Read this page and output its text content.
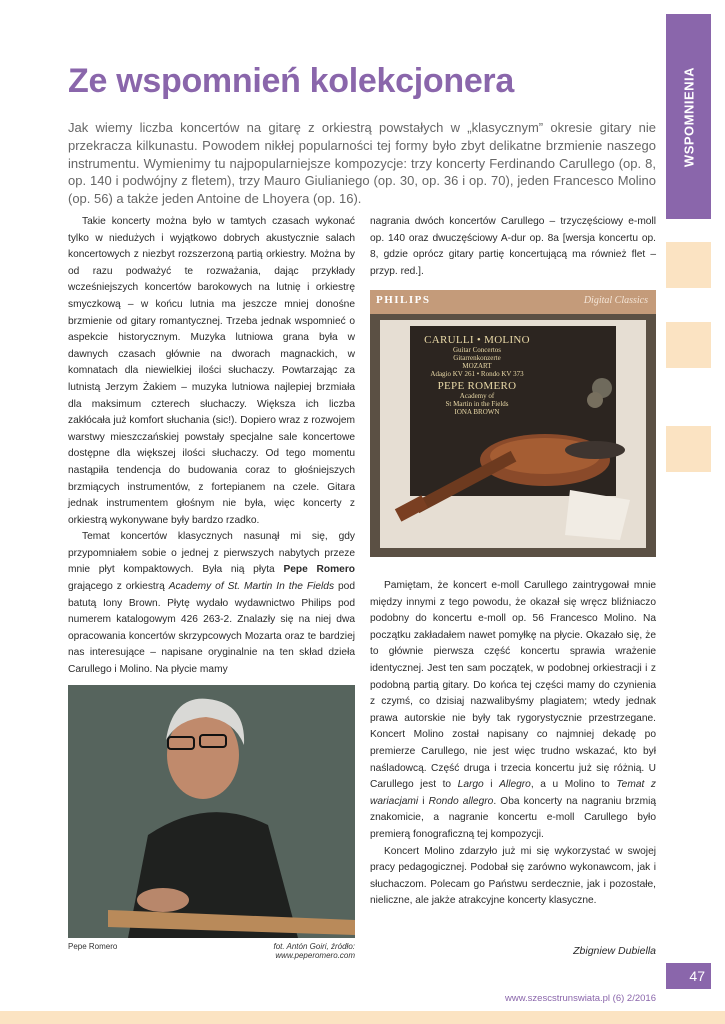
WSPOMNIENIA
Ze wspomnień kolekcjonera
Jak wiemy liczba koncertów na gitarę z orkiestrą powstałych w „klasycznym” okresie gitary nie przekracza kilkunastu. Powodem nikłej popularności tej formy było zbyt delikatne brzmienie naszego instrumentu. Wymienimy tu najpopularniejsze kompozycje: trzy koncerty Ferdinando Carullego (op. 8, op. 140 i podwójny z fletem), trzy Mauro Giulianiego (op. 30, op. 36 i op. 70), jeden Francesco Molino (op. 56) a także jeden Antoine de Lhoyera (op. 16).

Takie koncerty można było w tamtych czasach wykonać tylko w niedużych i wyjątkowo dobrych akustycznie salach koncertowych z niezbyt rozszerzoną partią orkiestry. Można by od razu podważyć te rozważania, dając przykłady wcześniejszych koncertów barokowych na lutnię i orkiestrę smyczkową – w końcu lutnia ma jeszcze mniej donośne brzmienie od gitary romantycznej. Trzeba jednak wspomnieć o aspekcie historycznym. Muzyka lutniowa grana była w dawnych czasach głównie na dworach magnackich, w komnatach dla niewielkiej ilości słuchaczy. Powtarzając za lutnistą Jerzym Żakiem – muzyka lutniowa najlepiej brzmiała dla maksimum czterech słuchaczy. Większa ich liczba zakłócała już komfort słuchania (sic!). Dopiero wraz z rozwojem warstwy mieszczańskiej powstały specjalne sale koncertowe dostępne dla większej ilości słuchaczy. Od tego momentu nastąpiła tendencja do budowania coraz to głośniejszych brzmiących instrumentów, z fortepianem na czele. Gitara jednak instrumentem głośnym nie była, więc koncerty z orkiestrą wykonywane były bardzo rzadko.

Temat koncertów klasycznych nasunął mi się, gdy przypomniałem sobie o jednej z pierwszych nabytych przeze mnie płyt kompaktowych. Była nią płyta Pepe Romero grającego z orkiestrą Academy of St. Martin In the Fields pod batutą Iony Brown. Płytę wydało wydawnictwo Philips pod numerem katalogowym 426 263-2. Znalazły się na niej dwa opracowania koncertów skrzypcowych Mozarta oraz te bardziej nas interesujące – napisane oryginalnie na ten skład dzieła Carullego i Molino. Na płycie mamy

nagrania dwóch koncertów Carullego – trzyczęściowy e-moll op. 140 oraz dwuczęściowy A-dur op. 8a [wersja koncertu op. 8, gdzie oprócz gitary partię koncertującą ma również flet – przyp. red.].

PHILIPS	Digital Classics
CARULLI • MOLINO
Guitar Concertos
Gitarrenkonzerte
MOZART
Adagio KV 261 • Rondo KV 373
PEPE ROMERO
Academy of
St Martin in the Fields
IONA BROWN

Pamiętam, że koncert e-moll Carullego zaintrygował mnie między innymi z tego powodu, że okazał się wręcz bliźniaczo podobny do koncertu e-moll op. 56 Francesco Molino. Na początku zakładałem nawet pomyłkę na płycie. Okazało się, że to głównie pierwsza część koncertu sprawia wrażenie identycznej. Jest ten sam początek, w podobnej orkiestracji i z podobną partią gitary. Do końca tej części mamy do czynienia z czymś, co dzisiaj nazwalibyśmy plagiatem; wtedy jednak prawa autorskie nie były tak rygorystycznie przestrzegane. Koncert Molino został napisany co najmniej dekadę po premierze Carullego, nie jest więc trudno wskazać, kto był naśladowcą. Część druga i trzecia koncertu już się różnią. U Carullego jest to Largo i Allegro, a u Molino to Temat z wariacjami i Rondo allegro. Oba koncerty na nagraniu brzmią znakomicie, a nagranie koncertu e-moll Carullego było premierą fonograficzną tej kompozycji.

Koncert Molino zdarzyło już mi się wykorzystać w swojej pracy pedagogicznej. Podobał się zarówno wykonawcom, jak i słuchaczom. Polecam go Państwu serdecznie, jak i pozostałe, nieliczne, ale jakże atrakcyjne koncerty klasyczne.

Pepe Romero	fot. Antón Goiri, źródło: www.peperomero.com	Zbigniew Dubiella
47
www.szescstrunswiata.pl (6) 2/2016
